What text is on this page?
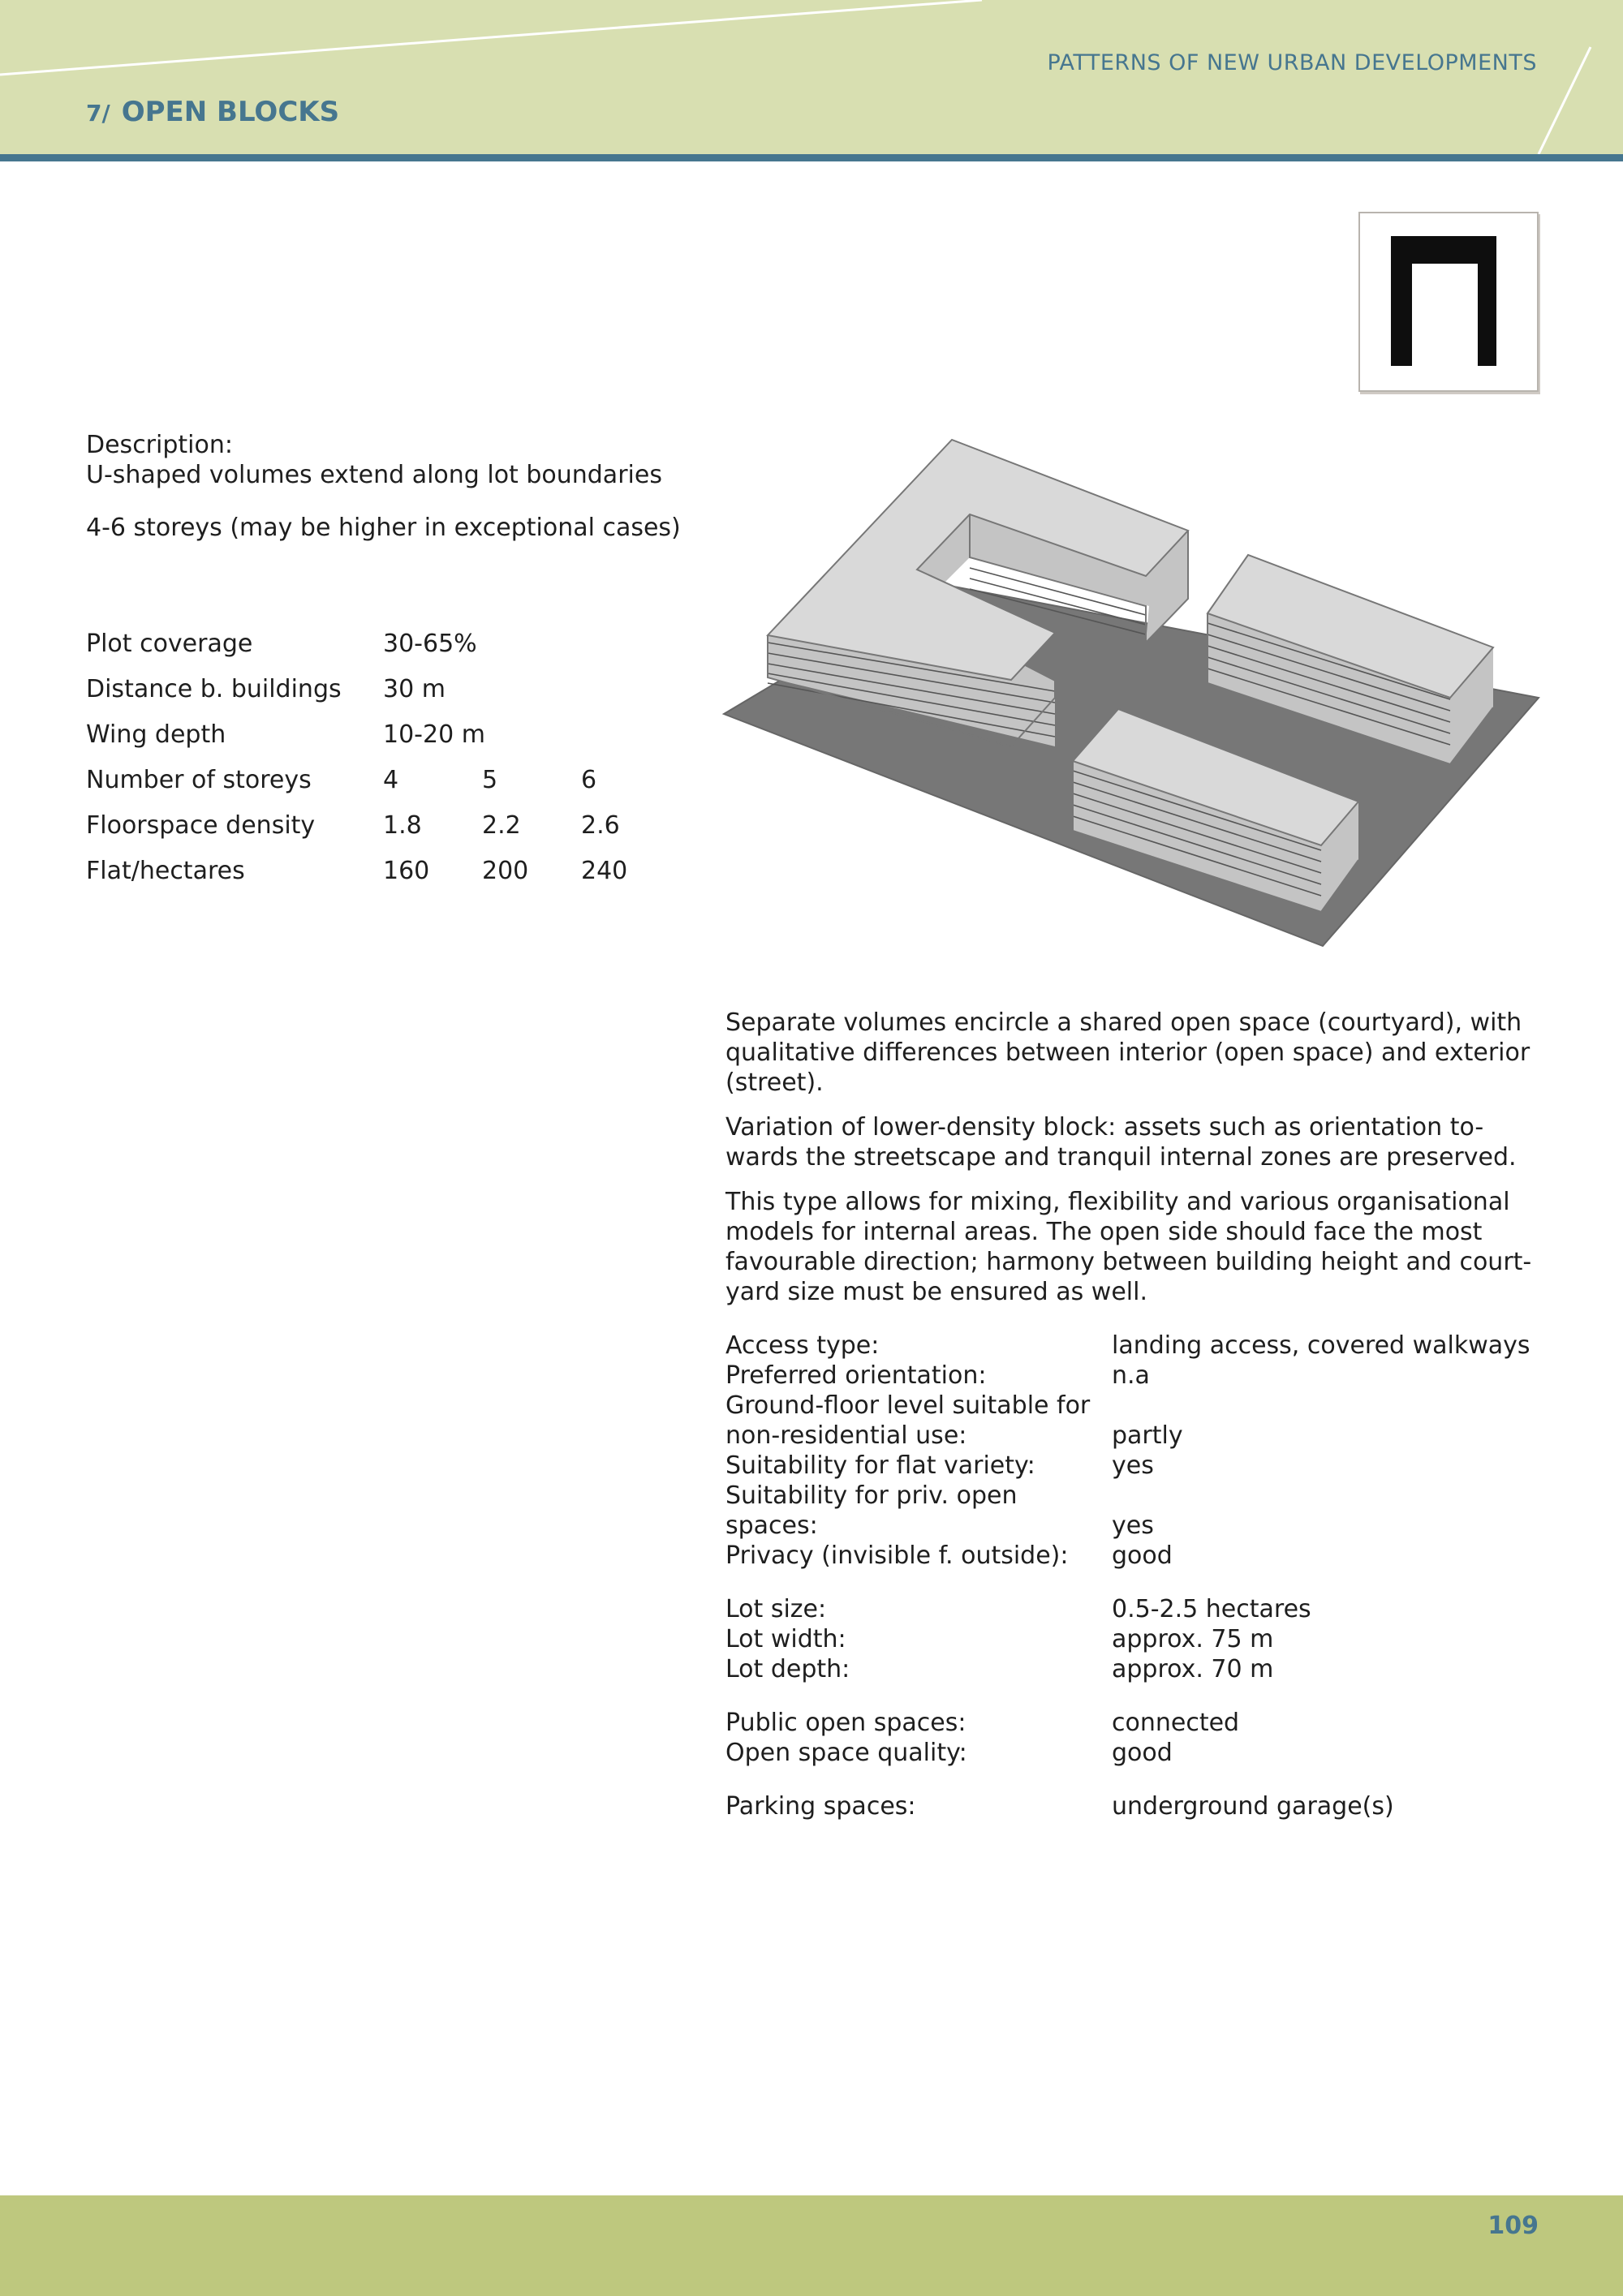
PATTERNS OF NEW URBAN DEVELOPMENTS
7/ OPEN BLOCKS

Description:

U-shaped volumes extend along lot boundaries

4-6 storeys (may be higher in exceptional cases)

Plot coverage	30-65%
Distance b. buildings 30 m
Wing depth	10-20 m
Number of storeys	4	5	6
Floorspace density	1.8 2.2 2.6
Flat/hectares	160 200 240

Separate volumes encircle a shared open space (courtyard), with qualitative differences between interior (open space) and exterior (street).

Variation of lower-density block: assets such as orientation to-wards the streetscape and tranquil internal zones are preserved.

This type allows for mixing, flexibility and various organisational models for internal areas. The open side should face the most favourable direction; harmony between building height and court-yard size must be ensured as well.

Access type:	landing access, covered walkways
Preferred orientation:	n.a
Ground-floor level suitable for non-residential use:	partly
Suitability for flat variety:	yes
Suitability for priv. open spaces:	yes
Privacy (invisible f. outside):	good
Lot size:	0.5-2.5 hectares
Lot width:	approx. 75 m
Lot depth:	approx. 70 m
Public open spaces:	connected
Open space quality:	good
Parking spaces:	underground garage(s)
109
